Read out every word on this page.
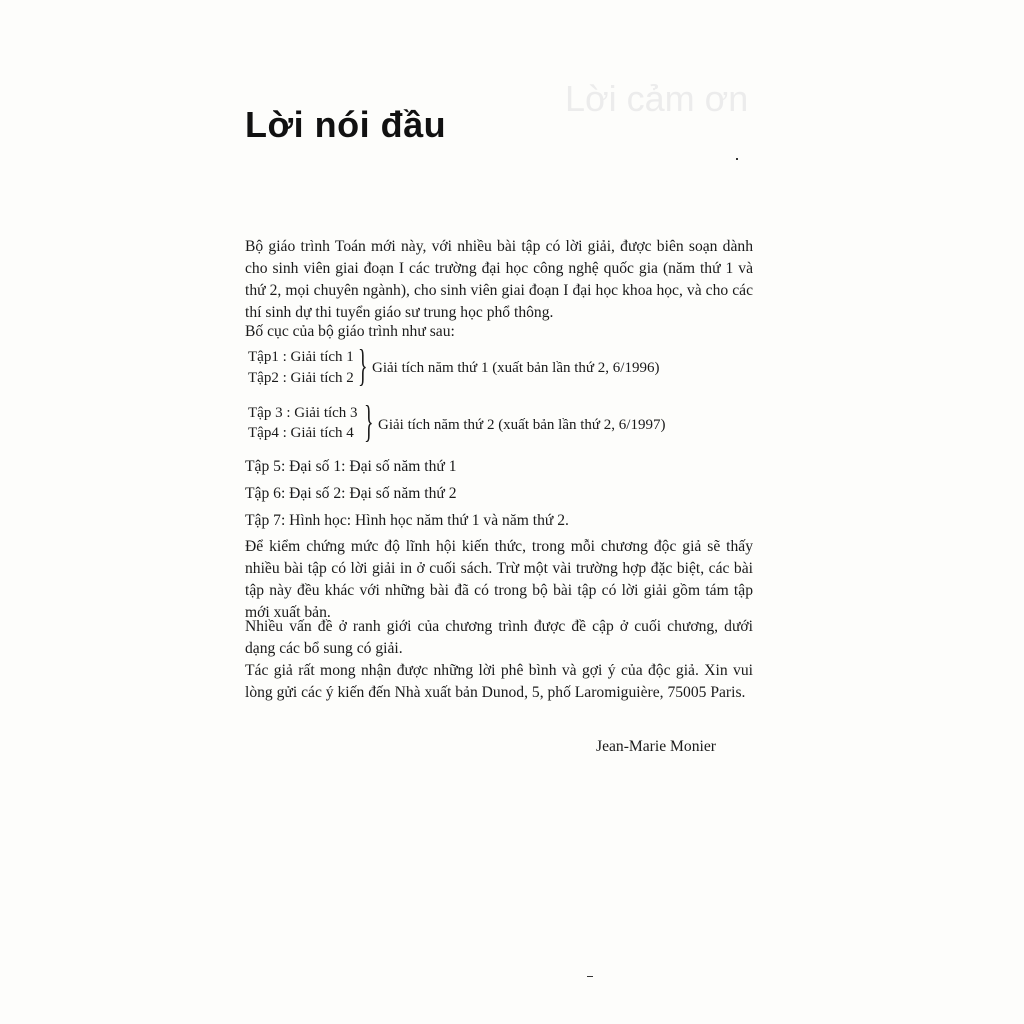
Lời cảm ơn
Lời nói đầu

Bộ giáo trình Toán mới này, với nhiều bài tập có lời giải, được biên soạn dành cho sinh viên giai đoạn I các trường đại học công nghệ quốc gia (năm thứ 1 và thứ 2, mọi chuyên ngành), cho sinh viên giai đoạn I đại học khoa học, và cho các thí sinh dự thi tuyển giáo sư trung học phổ thông.

Bố cục của bộ giáo trình như sau:

Tập1 : Giải tích 1
Tập2 : Giải tích 2 } Giải tích năm thứ 1 (xuất bản lần thứ 2, 6/1996)
Tập 3 : Giải tích 3
Tập4 : Giải tích 4 } Giải tích năm thứ 2 (xuất bản lần thứ 2, 6/1997)

Tập 5: Đại số 1: Đại số năm thứ 1

Tập 6: Đại số 2: Đại số năm thứ 2

Tập 7: Hình học: Hình học năm thứ 1 và năm thứ 2.

Để kiểm chứng mức độ lĩnh hội kiến thức, trong mỗi chương độc giả sẽ thấy nhiều bài tập có lời giải in ở cuối sách. Trừ một vài trường hợp đặc biệt, các bài tập này đều khác với những bài đã có trong bộ bài tập có lời giải gồm tám tập mới xuất bản.

Nhiều vấn đề ở ranh giới của chương trình được đề cập ở cuối chương, dưới dạng các bổ sung có giải.

Tác giả rất mong nhận được những lời phê bình và gợi ý của độc giả. Xin vui lòng gửi các ý kiến đến Nhà xuất bản Dunod, 5, phố Laromiguière, 75005 Paris.

Jean-Marie Monier
